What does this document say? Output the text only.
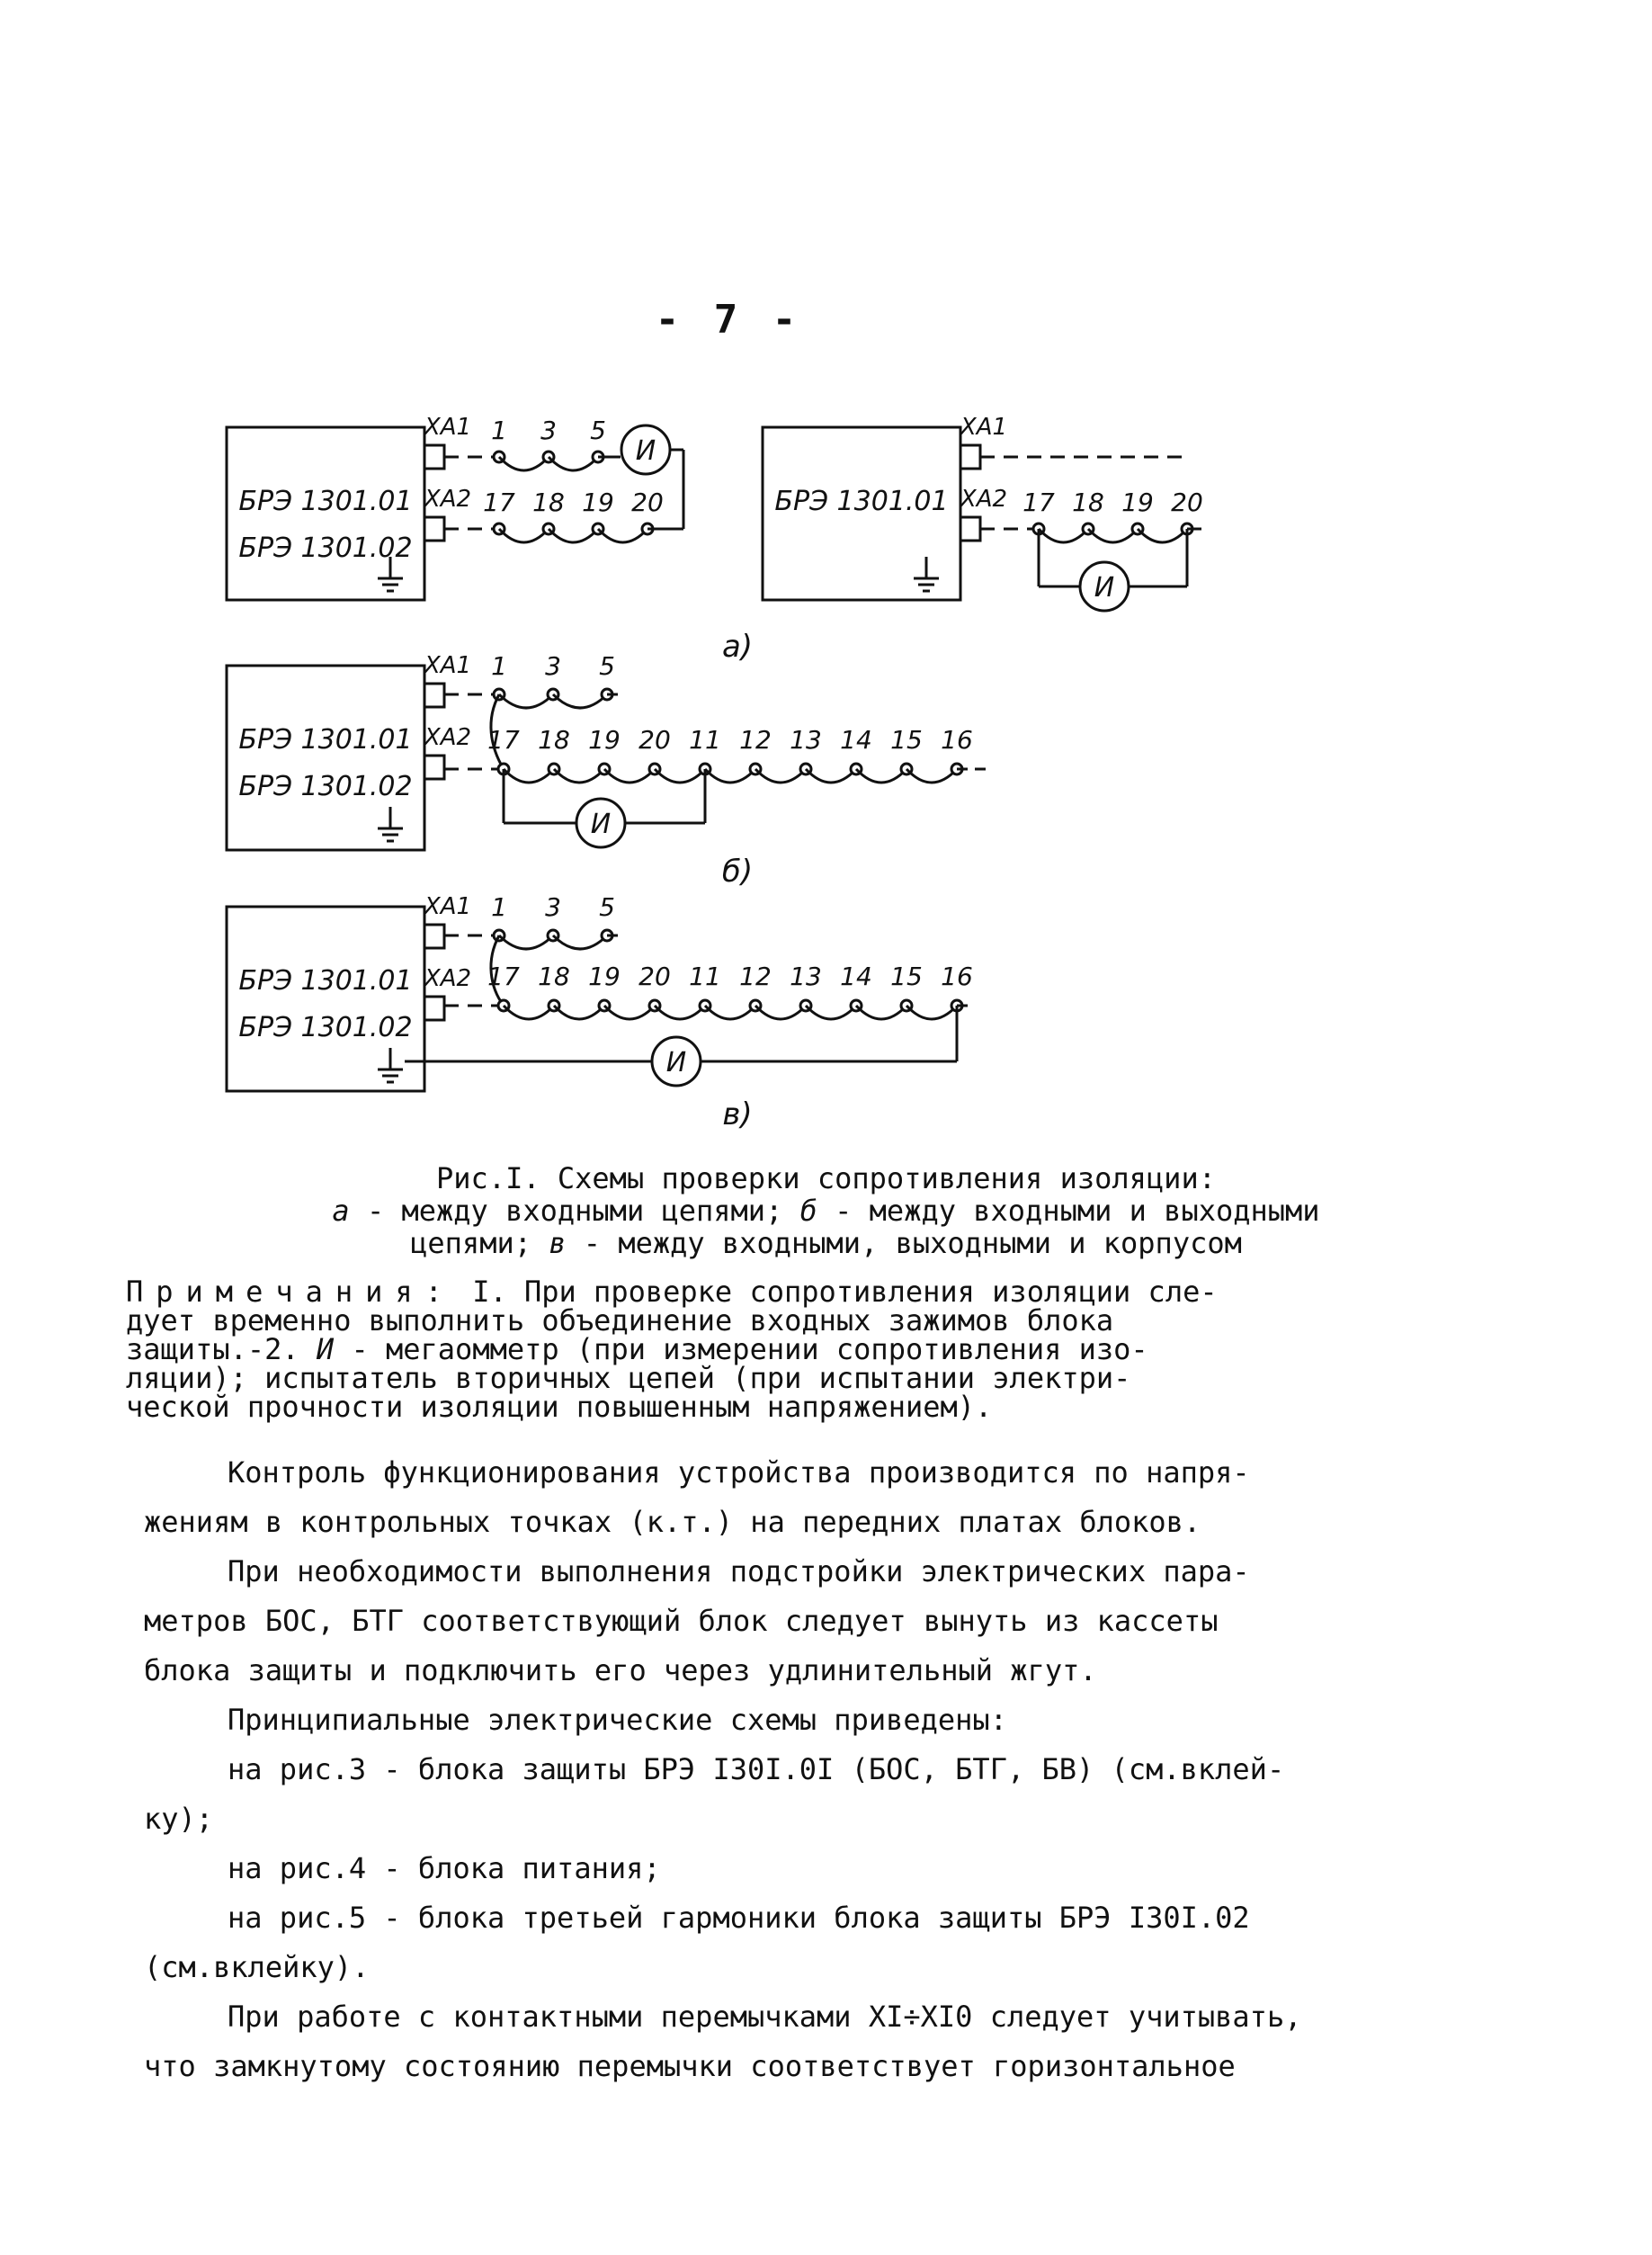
- 7 -
БРЭ 1301.01
БРЭ 1301.02
XA1
XA2
1 3 5
И
17 18 19 20	БРЭ 1301.01
XA1
XA2 17 18 19 20
И
а)
БРЭ 1301.01
БРЭ 1301.02
XA1
XA2
1 3 5
17 18 19 20 11 12 13 14 15 16
И
б)
БРЭ 1301.01
БРЭ 1301.02
XA1
XA2
1 3 5
17 18 19 20 11 12 13 14 15 16
И
в)
Рис.I. Схемы проверки сопротивления изоляции:
а - между входными цепями; б - между входными и выходными
цепями; в - между входными, выходными и корпусом
Примечания: I. При проверке сопротивления изоляции сле-
дует временно выполнить объединение входных зажимов блока
защиты.-2. И - мегаомметр (при измерении сопротивления изо-
ляции); испытатель вторичных цепей (при испытании электри-
ческой прочности изоляции повышенным напряжением).

Контроль функционирования устройства производится по напря-

жениям в контрольных точках (к.т.) на передних платах блоков.

При необходимости выполнения подстройки электрических пара-

метров БОС, БТГ соответствующий блок следует вынуть из кассеты

блока защиты и подключить его через удлинительный жгут.

Принципиальные электрические схемы приведены:

на рис.3 - блока защиты БРЭ I30I.0I (БОС, БТГ, БВ) (см.вклей-

ку);

на рис.4 - блока питания;

на рис.5 - блока третьей гармоники блока защиты БРЭ I30I.02

(см.вклейку).

При работе с контактными перемычками XI÷XI0 следует учитывать,

что замкнутому состоянию перемычки соответствует горизонтальное
